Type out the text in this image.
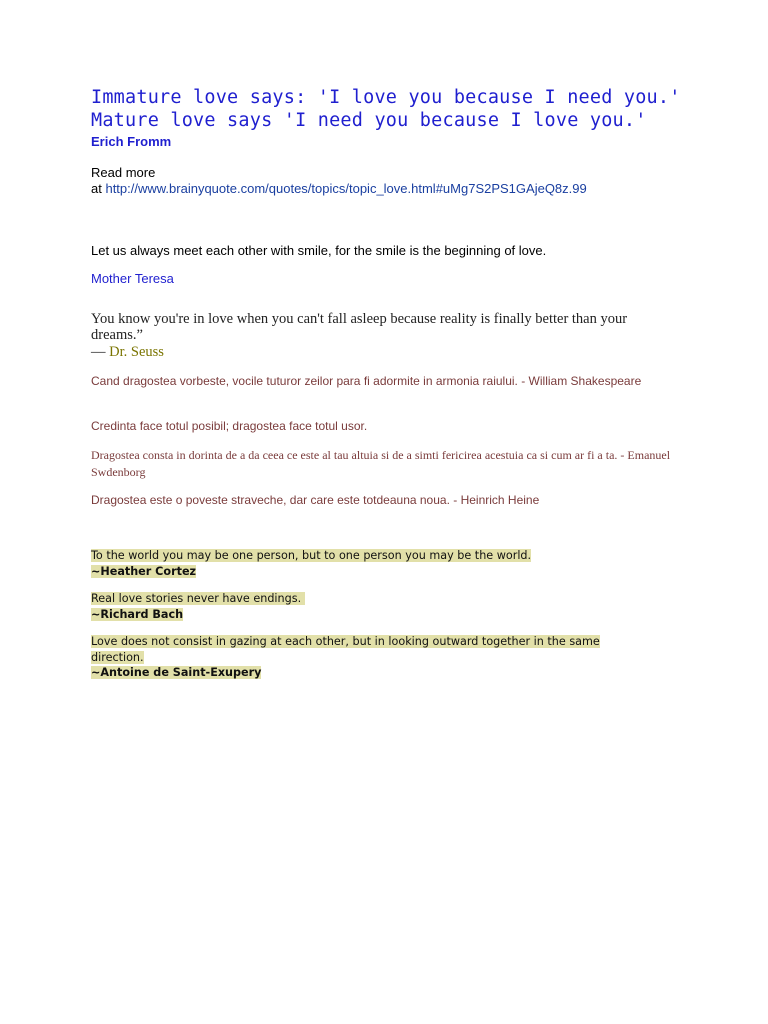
Immature love says: 'I love you because I need you.'
Mature love says 'I need you because I love you.'
Erich Fromm
Read more
at http://www.brainyquote.com/quotes/topics/topic_love.html#uMg7S2PS1GAjeQ8z.99
Let us always meet each other with smile, for the smile is the beginning of love.
Mother Teresa
You know you're in love when you can't fall asleep because reality is finally better than your dreams.”
― Dr. Seuss
Cand dragostea vorbeste, vocile tuturor zeilor para fi adormite in armonia raiului. - William Shakespeare
Credinta face totul posibil; dragostea face totul usor.
Dragostea consta in dorinta de a da ceea ce este al tau altuia si de a simti fericirea acestuia ca si cum ar fi a ta. - Emanuel Swdenborg
Dragostea este o poveste straveche, dar care este totdeauna noua. - Heinrich Heine
To the world you may be one person, but to one person you may be the world.
~Heather Cortez
Real love stories never have endings.
~Richard Bach
Love does not consist in gazing at each other, but in looking outward together in the same direction.
~Antoine de Saint-Exupery
